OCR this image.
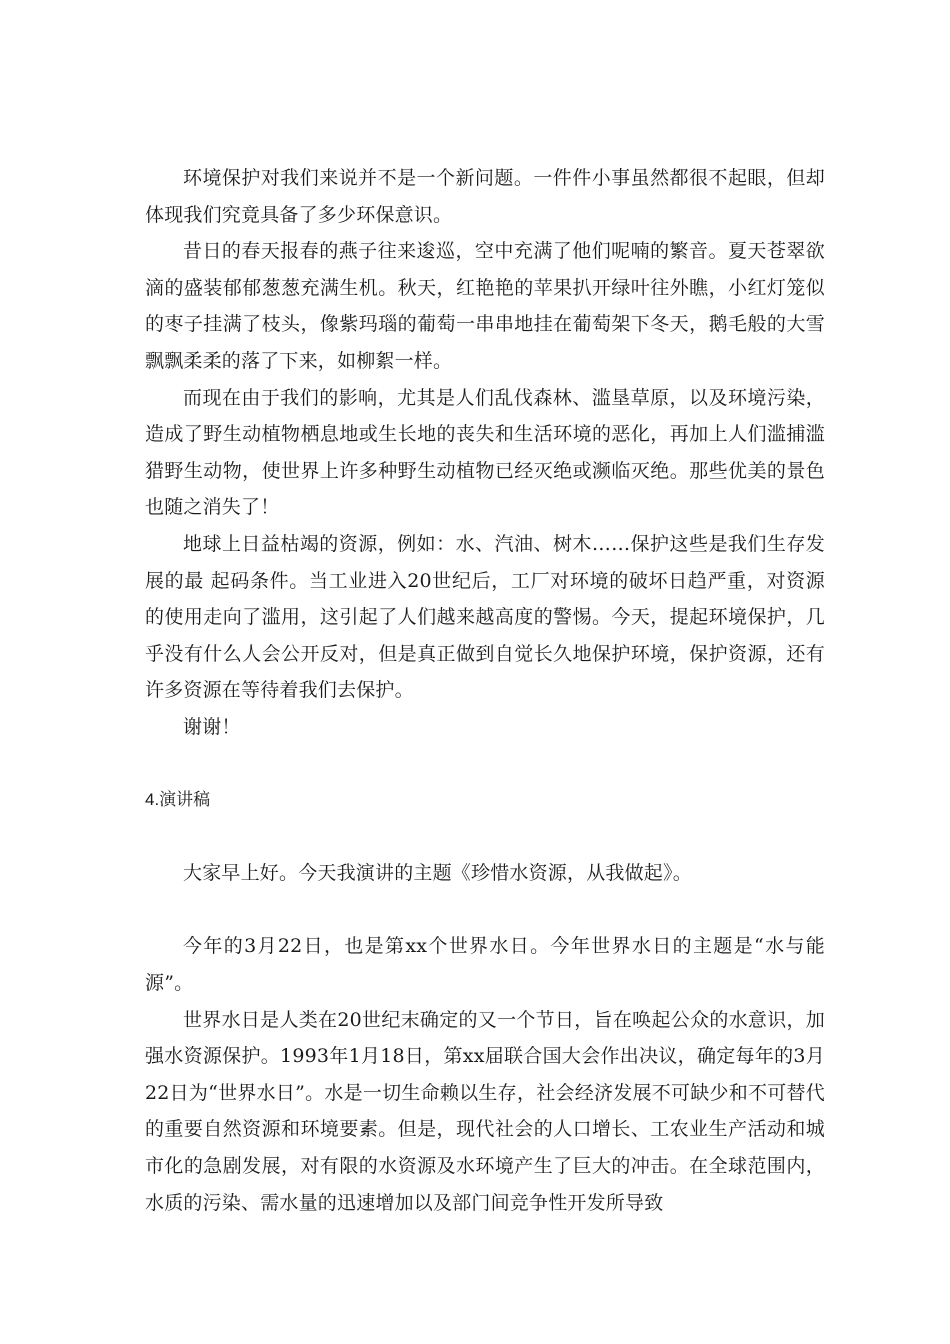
环境保护对我们来说并不是一个新问题。一件件小事虽然都很不起眼，但却体现我们究竟具备了多少环保意识。

昔日的春天报春的燕子往来逡巡，空中充满了他们呢喃的繁音。夏天苍翠欲滴的盛装郁郁葱葱充满生机。秋天，红艳艳的苹果扒开绿叶往外瞧，小红灯笼似的枣子挂满了枝头，像紫玛瑙的葡萄一串串地挂在葡萄架下冬天，鹅毛般的大雪飘飘柔柔的落了下来，如柳絮一样。

而现在由于我们的影响，尤其是人们乱伐森林、滥垦草原，以及环境污染，造成了野生动植物栖息地或生长地的丧失和生活环境的恶化，再加上人们滥捕滥猎野生动物，使世界上许多种野生动植物已经灭绝或濒临灭绝。那些优美的景色也随之消失了！

地球上日益枯竭的资源，例如：水、汽油、树木……保护这些是我们生存发展的最 起码条件。当工业进入20世纪后，工厂对环境的破坏日趋严重，对资源的使用走向了滥用，这引起了人们越来越高度的警惕。今天，提起环境保护，几乎没有什么人会公开反对，但是真正做到自觉长久地保护环境，保护资源，还有许多资源在等待着我们去保护。

谢谢！

4.演讲稿

大家早上好。今天我演讲的主题《珍惜水资源，从我做起》。

今年的3月22日，也是第xx个世界水日。今年世界水日的主题是“水与能源”。

世界水日是人类在20世纪末确定的又一个节日，旨在唤起公众的水意识，加强水资源保护。1993年1月18日，第xx届联合国大会作出决议，确定每年的3月22日为“世界水日”。水是一切生命赖以生存，社会经济发展不可缺少和不可替代的重要自然资源和环境要素。但是，现代社会的人口增长、工农业生产活动和城市化的急剧发展，对有限的水资源及水环境产生了巨大的冲击。在全球范围内，水质的污染、需水量的迅速增加以及部门间竞争性开发所导致
